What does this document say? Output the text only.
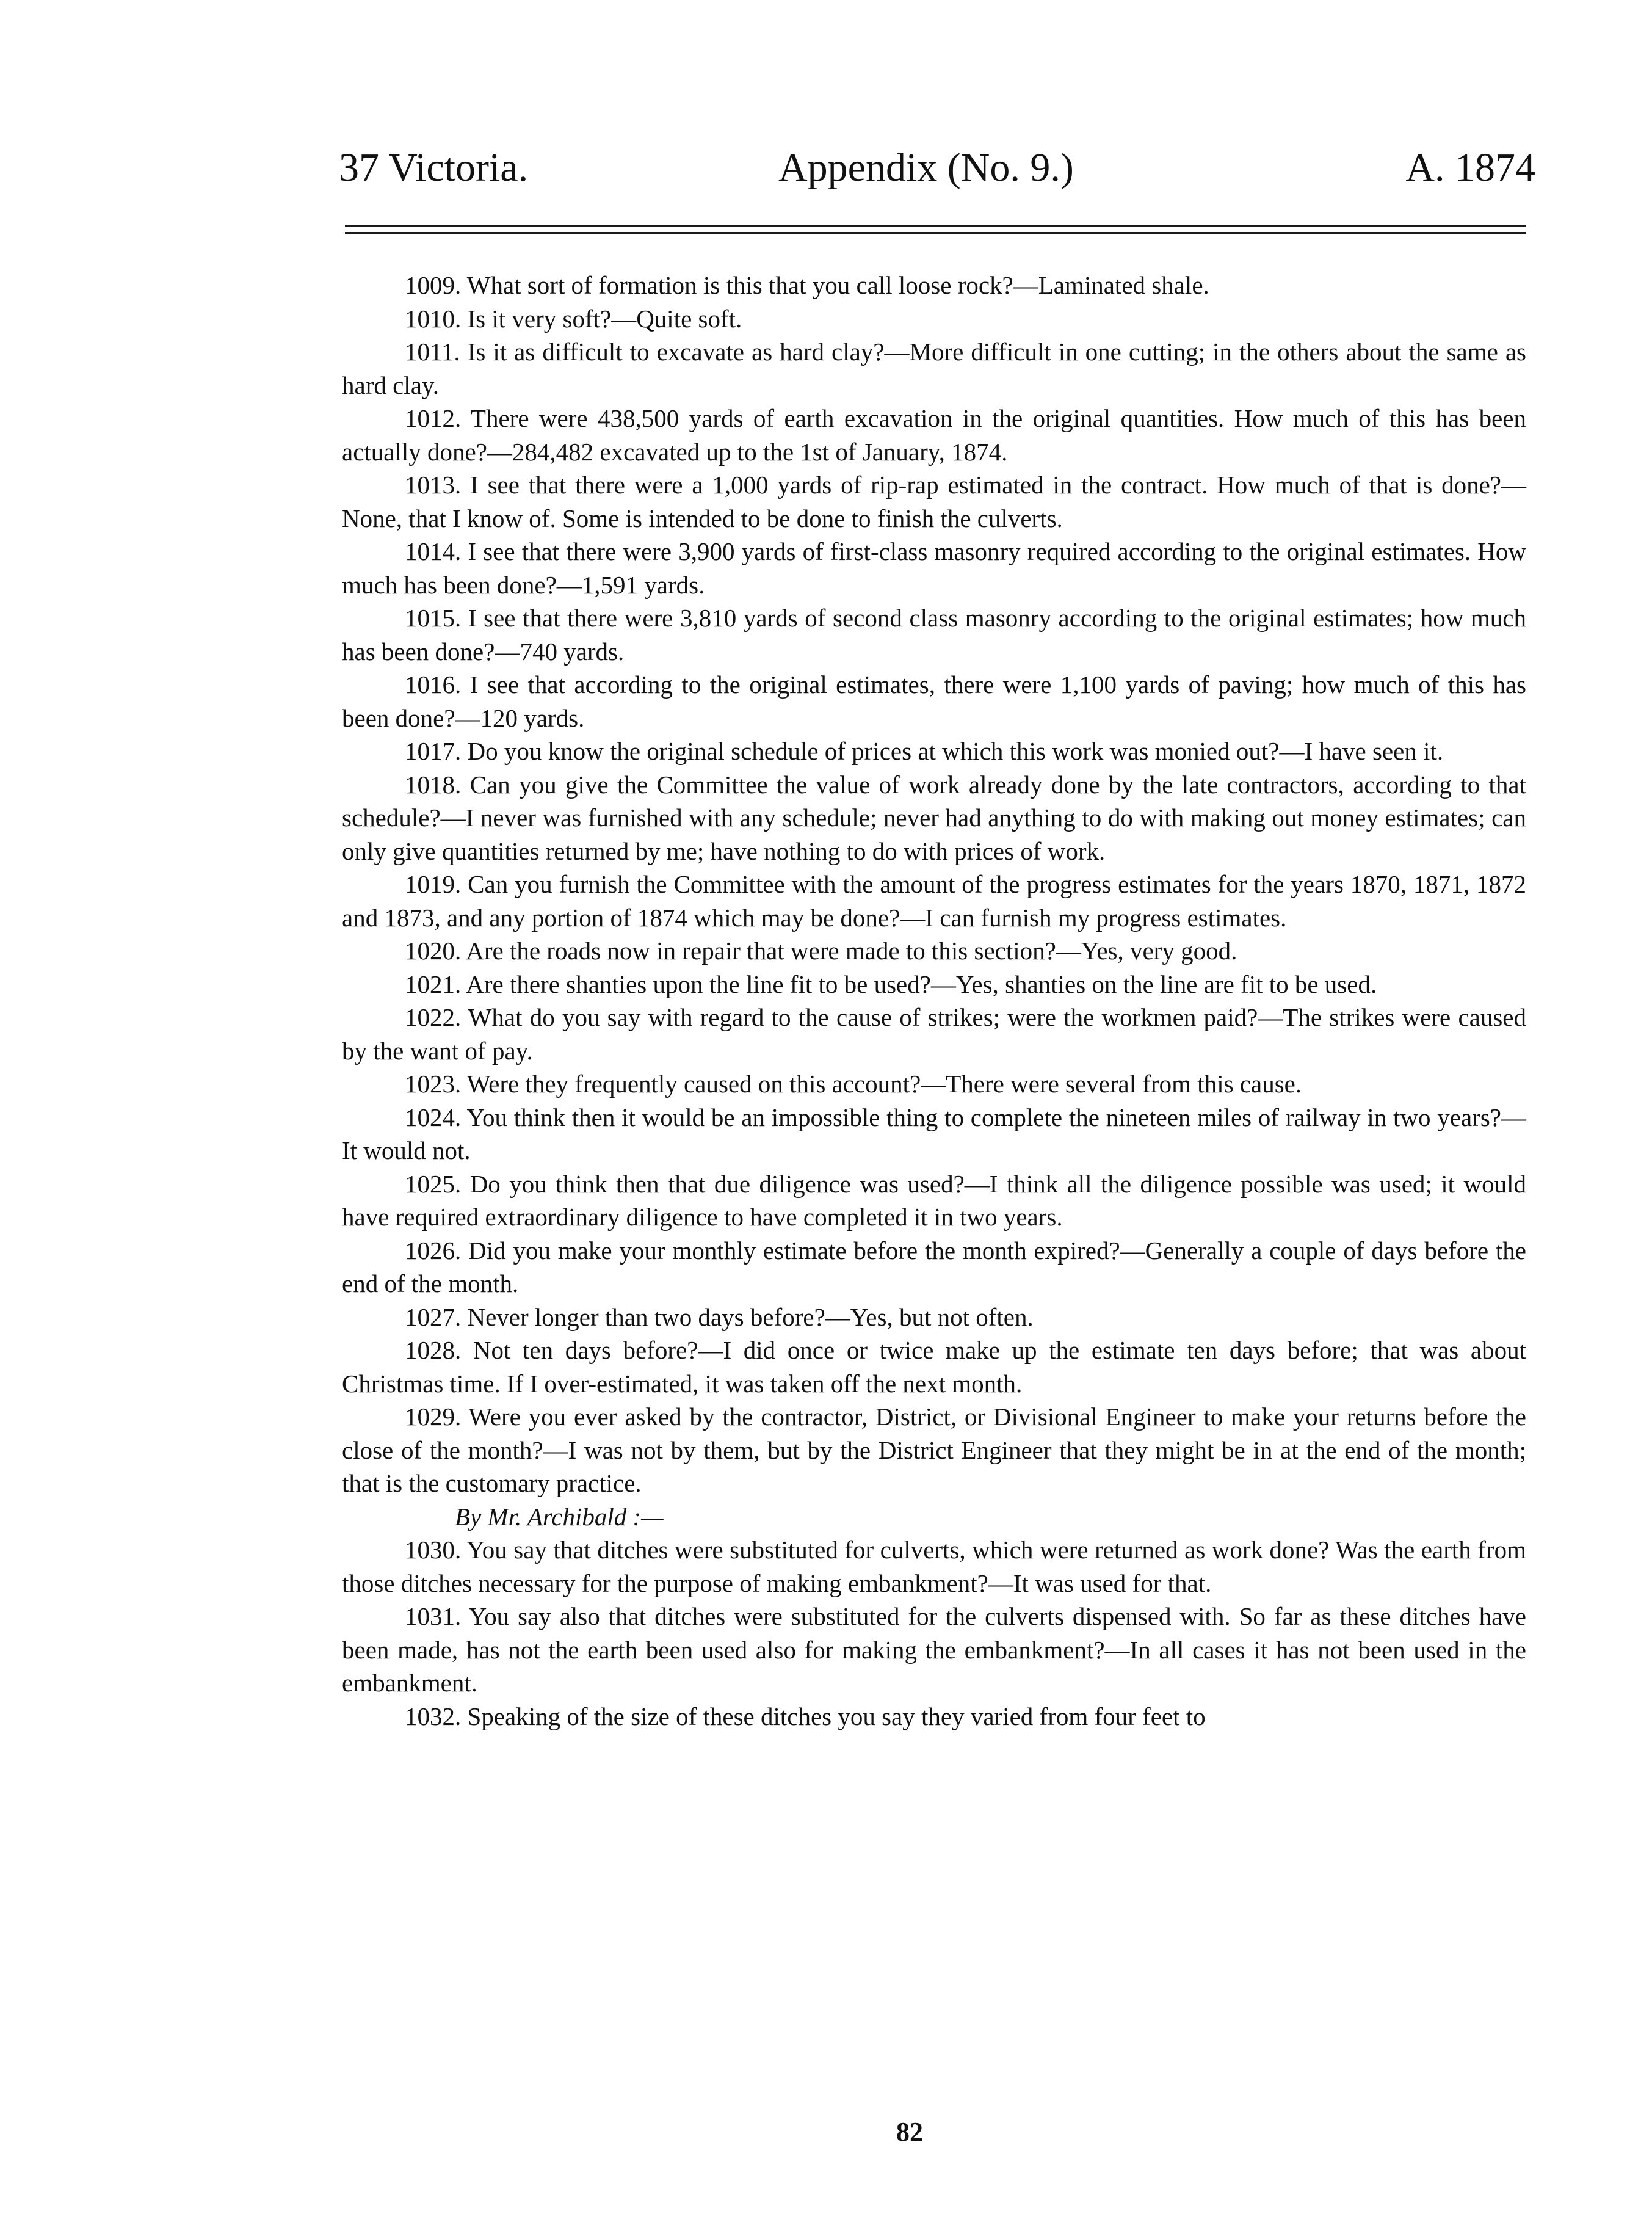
37 Victoria.	Appendix (No. 9.)	A. 1874

1009. What sort of formation is this that you call loose rock?—Laminated shale.

1010. Is it very soft?—Quite soft.

1011. Is it as difficult to excavate as hard clay?—More difficult in one cutting; in the others about the same as hard clay.

1012. There were 438,500 yards of earth excavation in the original quantities. How much of this has been actually done?—284,482 excavated up to the 1st of January, 1874.

1013. I see that there were a 1,000 yards of rip-rap estimated in the contract. How much of that is done?—None, that I know of. Some is intended to be done to finish the culverts.

1014. I see that there were 3,900 yards of first-class masonry required according to the original estimates. How much has been done?—1,591 yards.

1015. I see that there were 3,810 yards of second class masonry according to the original estimates; how much has been done?—740 yards.

1016. I see that according to the original estimates, there were 1,100 yards of paving; how much of this has been done?—120 yards.

1017. Do you know the original schedule of prices at which this work was monied out?—I have seen it.

1018. Can you give the Committee the value of work already done by the late contractors, according to that schedule?—I never was furnished with any schedule; never had anything to do with making out money estimates; can only give quantities returned by me; have nothing to do with prices of work.

1019. Can you furnish the Committee with the amount of the progress estimates for the years 1870, 1871, 1872 and 1873, and any portion of 1874 which may be done?—I can furnish my progress estimates.

1020. Are the roads now in repair that were made to this section?—Yes, very good.

1021. Are there shanties upon the line fit to be used?—Yes, shanties on the line are fit to be used.

1022. What do you say with regard to the cause of strikes; were the workmen paid?—The strikes were caused by the want of pay.

1023. Were they frequently caused on this account?—There were several from this cause.

1024. You think then it would be an impossible thing to complete the nineteen miles of railway in two years?—It would not.

1025. Do you think then that due diligence was used?—I think all the diligence possible was used; it would have required extraordinary diligence to have completed it in two years.

1026. Did you make your monthly estimate before the month expired?—Generally a couple of days before the end of the month.

1027. Never longer than two days before?—Yes, but not often.

1028. Not ten days before?—I did once or twice make up the estimate ten days before; that was about Christmas time. If I over-estimated, it was taken off the next month.

1029. Were you ever asked by the contractor, District, or Divisional Engineer to make your returns before the close of the month?—I was not by them, but by the District Engineer that they might be in at the end of the month; that is the customary practice.

By Mr. Archibald :—

1030. You say that ditches were substituted for culverts, which were returned as work done? Was the earth from those ditches necessary for the purpose of making embankment?—It was used for that.

1031. You say also that ditches were substituted for the culverts dispensed with. So far as these ditches have been made, has not the earth been used also for making the embankment?—In all cases it has not been used in the embankment.

1032. Speaking of the size of these ditches you say they varied from four feet to

82
